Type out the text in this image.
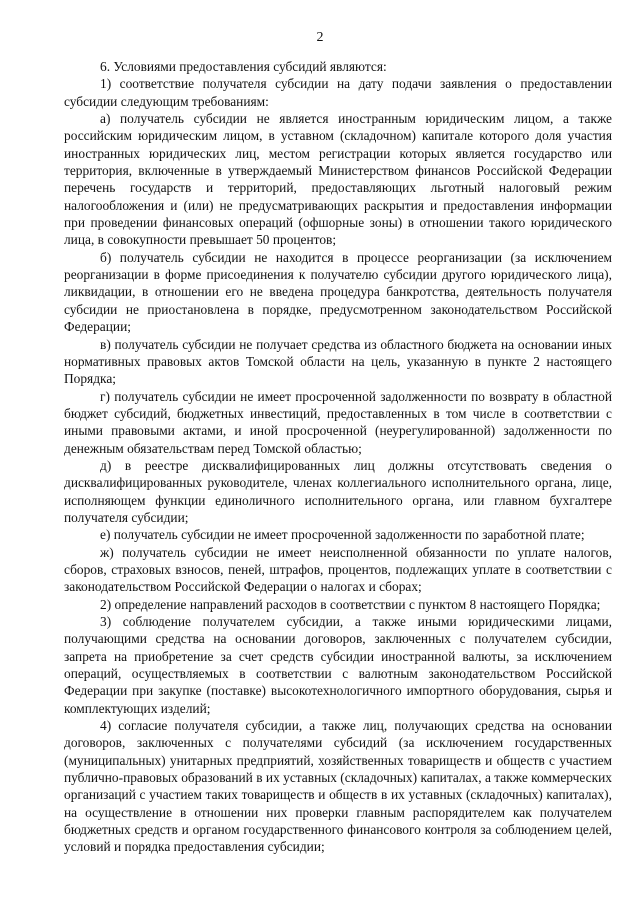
2

6. Условиями предоставления субсидий являются:

1) соответствие получателя субсидии на дату подачи заявления о предоставлении субсидии следующим требованиям:

а) получатель субсидии не является иностранным юридическим лицом, а также российским юридическим лицом, в уставном (складочном) капитале которого доля участия иностранных юридических лиц, местом регистрации которых является государство или территория, включенные в утверждаемый Министерством финансов Российской Федерации перечень государств и территорий, предоставляющих льготный налоговый режим налогообложения и (или) не предусматривающих раскрытия и предоставления информации при проведении финансовых операций (офшорные зоны) в отношении такого юридического лица, в совокупности превышает 50 процентов;

б) получатель субсидии не находится в процессе реорганизации (за исключением реорганизации в форме присоединения к получателю субсидии другого юридического лица), ликвидации, в отношении его не введена процедура банкротства, деятельность получателя субсидии не приостановлена в порядке, предусмотренном законодательством Российской Федерации;

в) получатель субсидии не получает средства из областного бюджета на основании иных нормативных правовых актов Томской области на цель, указанную в пункте 2 настоящего Порядка;

г) получатель субсидии не имеет просроченной задолженности по возврату в областной бюджет субсидий, бюджетных инвестиций, предоставленных в том числе в соответствии с иными правовыми актами, и иной просроченной (неурегулированной) задолженности по денежным обязательствам перед Томской областью;

д) в реестре дисквалифицированных лиц должны отсутствовать сведения о дисквалифицированных руководителе, членах коллегиального исполнительного органа, лице, исполняющем функции единоличного исполнительного органа, или главном бухгалтере получателя субсидии;

е) получатель субсидии не имеет просроченной задолженности по заработной плате;

ж) получатель субсидии не имеет неисполненной обязанности по уплате налогов, сборов, страховых взносов, пеней, штрафов, процентов, подлежащих уплате в соответствии с законодательством Российской Федерации о налогах и сборах;

2) определение направлений расходов в соответствии с пунктом 8 настоящего Порядка;

3) соблюдение получателем субсидии, а также иными юридическими лицами, получающими средства на основании договоров, заключенных с получателем субсидии, запрета на приобретение за счет средств субсидии иностранной валюты, за исключением операций, осуществляемых в соответствии с валютным законодательством Российской Федерации при закупке (поставке) высокотехнологичного импортного оборудования, сырья и комплектующих изделий;

4) согласие получателя субсидии, а также лиц, получающих средства на основании договоров, заключенных с получателями субсидий (за исключением государственных (муниципальных) унитарных предприятий, хозяйственных товариществ и обществ с участием публично-правовых образований в их уставных (складочных) капиталах, а также коммерческих организаций с участием таких товариществ и обществ в их уставных (складочных) капиталах), на осуществление в отношении них проверки главным распорядителем как получателем бюджетных средств и органом государственного финансового контроля за соблюдением целей, условий и порядка предоставления субсидии;
